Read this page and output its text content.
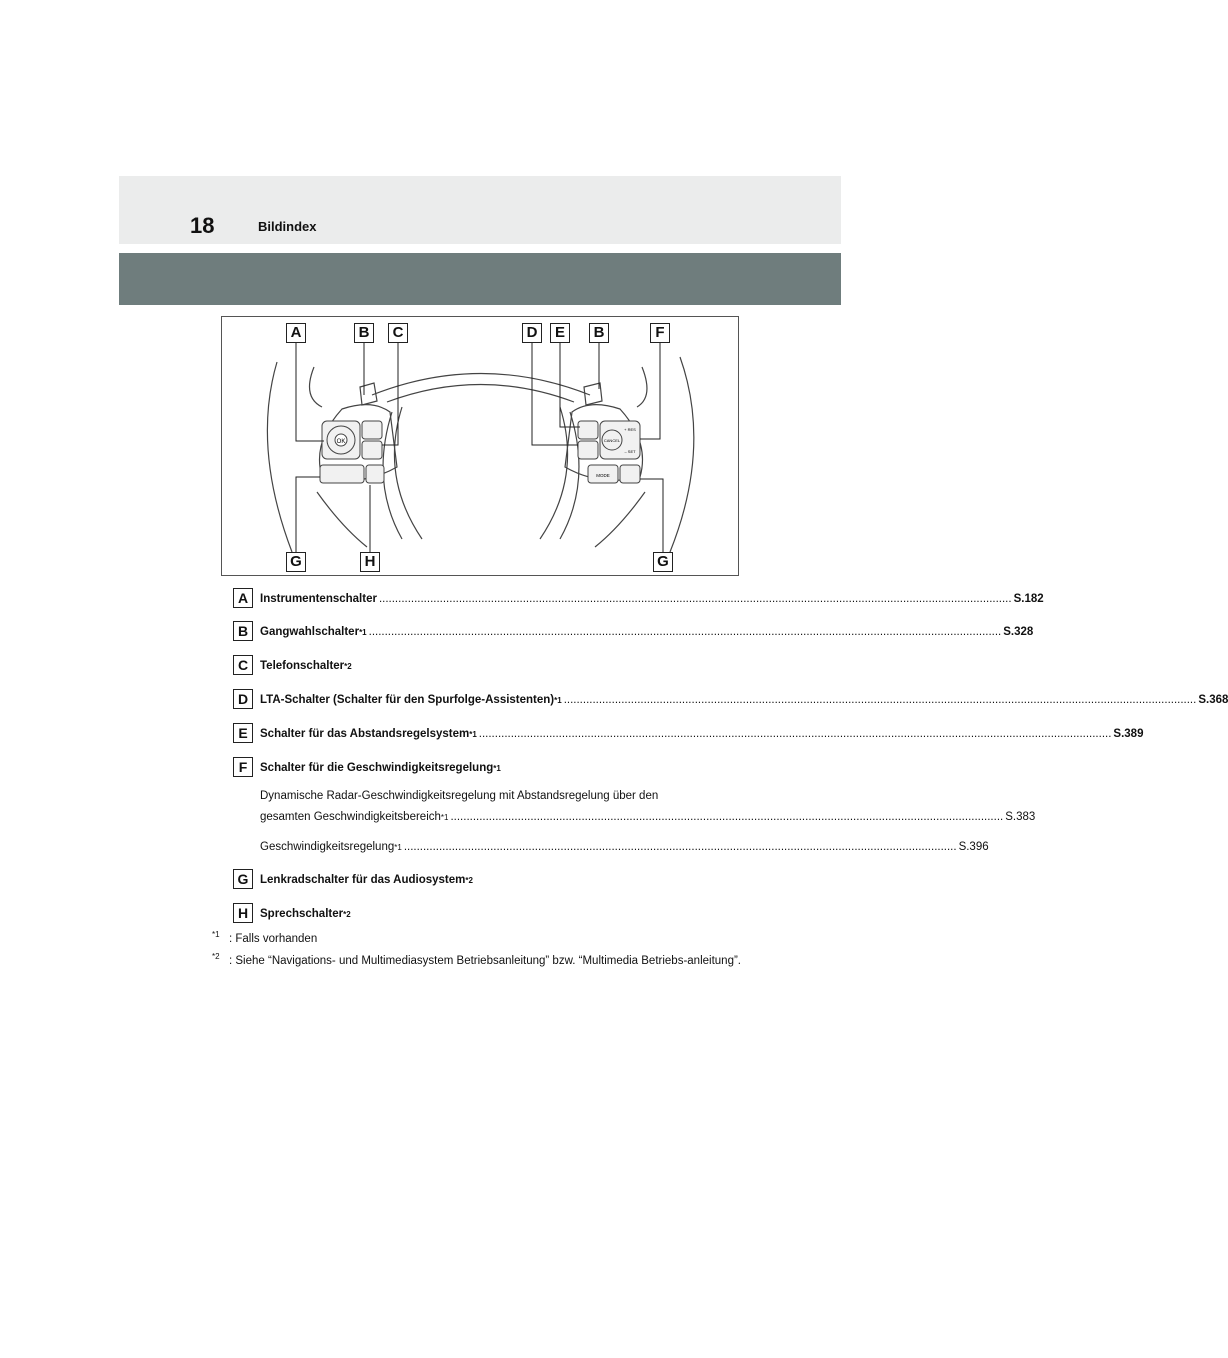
18	Bildindex
OK	CANCEL
+ RES
– SET
MODE
A	B	C	D	E	B	F
G	H	G
A	Instrumentenschalter .....	S.182
B	Gangwahlschalter *1 .....	S.328
C	Telefonschalter *2
D	LTA-Schalter (Schalter für den Spurfolge-Assistenten) *1 .....	S.368
E	Schalter für das Abstandsregelsystem *1 .....	S.389
F	Schalter für die Geschwindigkeitsregelung *1
Dynamische Radar-Geschwindigkeitsregelung mit Abstandsregelung über den
gesamten Geschwindigkeitsbereich *1 ............................................................................................................................................................................. S.383
Geschwindigkeitsregelung *1 ............................................................................................................................................................................. S.396
G	Lenkradschalter für das Audiosystem *2
H	Sprechschalter *2
$^{*1}$ : Falls vorhanden
$^{*2}$ : Siehe “Navigations- und Multimediasystem Betriebsanleitung” bzw. “Multimedia Betriebs-anleitung”.
